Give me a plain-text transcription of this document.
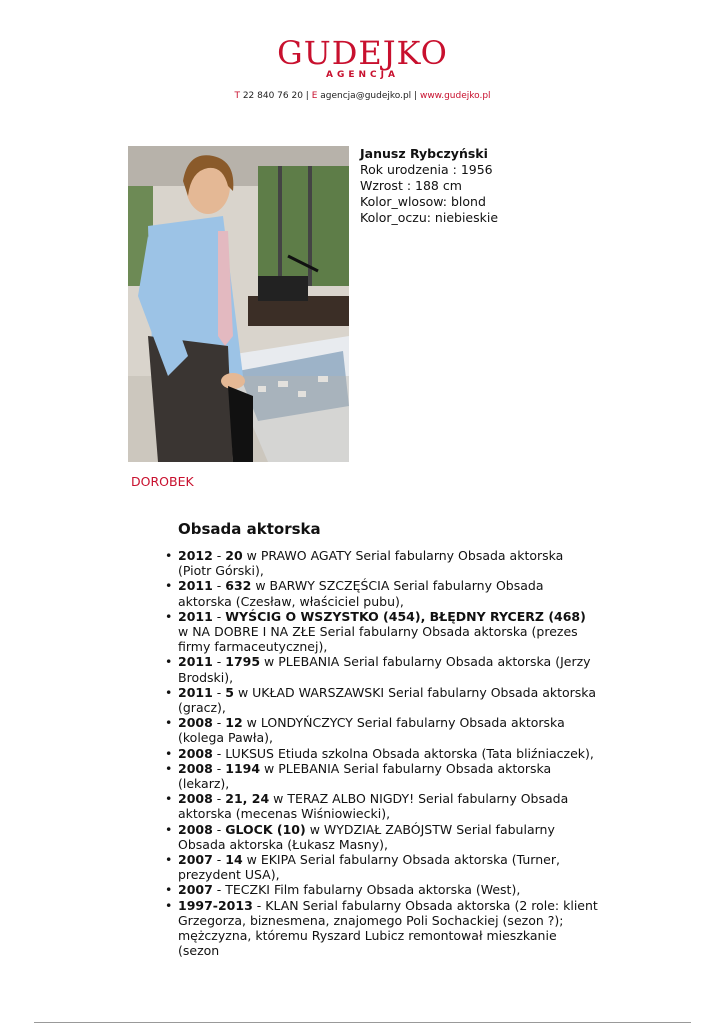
GUDEJKO
AGENCJA
T 22 840 76 20 | E agencja@gudejko.pl | www.gudejko.pl
Janusz Rybczyński
Rok urodzenia : 1956
Wzrost : 188 cm
Kolor_wlosow: blond
Kolor_oczu: niebieskie
DOROBEK
Obsada aktorska
• 2012 - 20 w PRAWO AGATY Serial fabularny Obsada aktorska (Piotr Górski),
• 2011 - 632 w BARWY SZCZĘŚCIA Serial fabularny Obsada aktorska (Czesław, właściciel pubu),
• 2011 - WYŚCIG O WSZYSTKO (454), BŁĘDNY RYCERZ (468) w NA DOBRE I NA ZŁE Serial fabularny Obsada aktorska (prezes firmy farmaceutycznej),
• 2011 - 1795 w PLEBANIA Serial fabularny Obsada aktorska (Jerzy Brodski),
• 2011 - 5 w UKŁAD WARSZAWSKI Serial fabularny Obsada aktorska (gracz),
• 2008 - 12 w LONDYŃCZYCY Serial fabularny Obsada aktorska (kolega Pawła),
• 2008 - LUKSUS Etiuda szkolna Obsada aktorska (Tata bliźniaczek),
• 2008 - 1194 w PLEBANIA Serial fabularny Obsada aktorska (lekarz),
• 2008 - 21, 24 w TERAZ ALBO NIGDY! Serial fabularny Obsada aktorska (mecenas Wiśniowiecki),
• 2008 - GLOCK (10) w WYDZIAŁ ZABÓJSTW Serial fabularny Obsada aktorska (Łukasz Masny),
• 2007 - 14 w EKIPA Serial fabularny Obsada aktorska (Turner, prezydent USA),
• 2007 - TECZKI Film fabularny Obsada aktorska (West),
• 1997-2013 - KLAN Serial fabularny Obsada aktorska (2 role: klient Grzegorza, biznesmena, znajomego Poli Sochackiej (sezon ?); mężczyzna, któremu Ryszard Lubicz remontował mieszkanie (sezon
